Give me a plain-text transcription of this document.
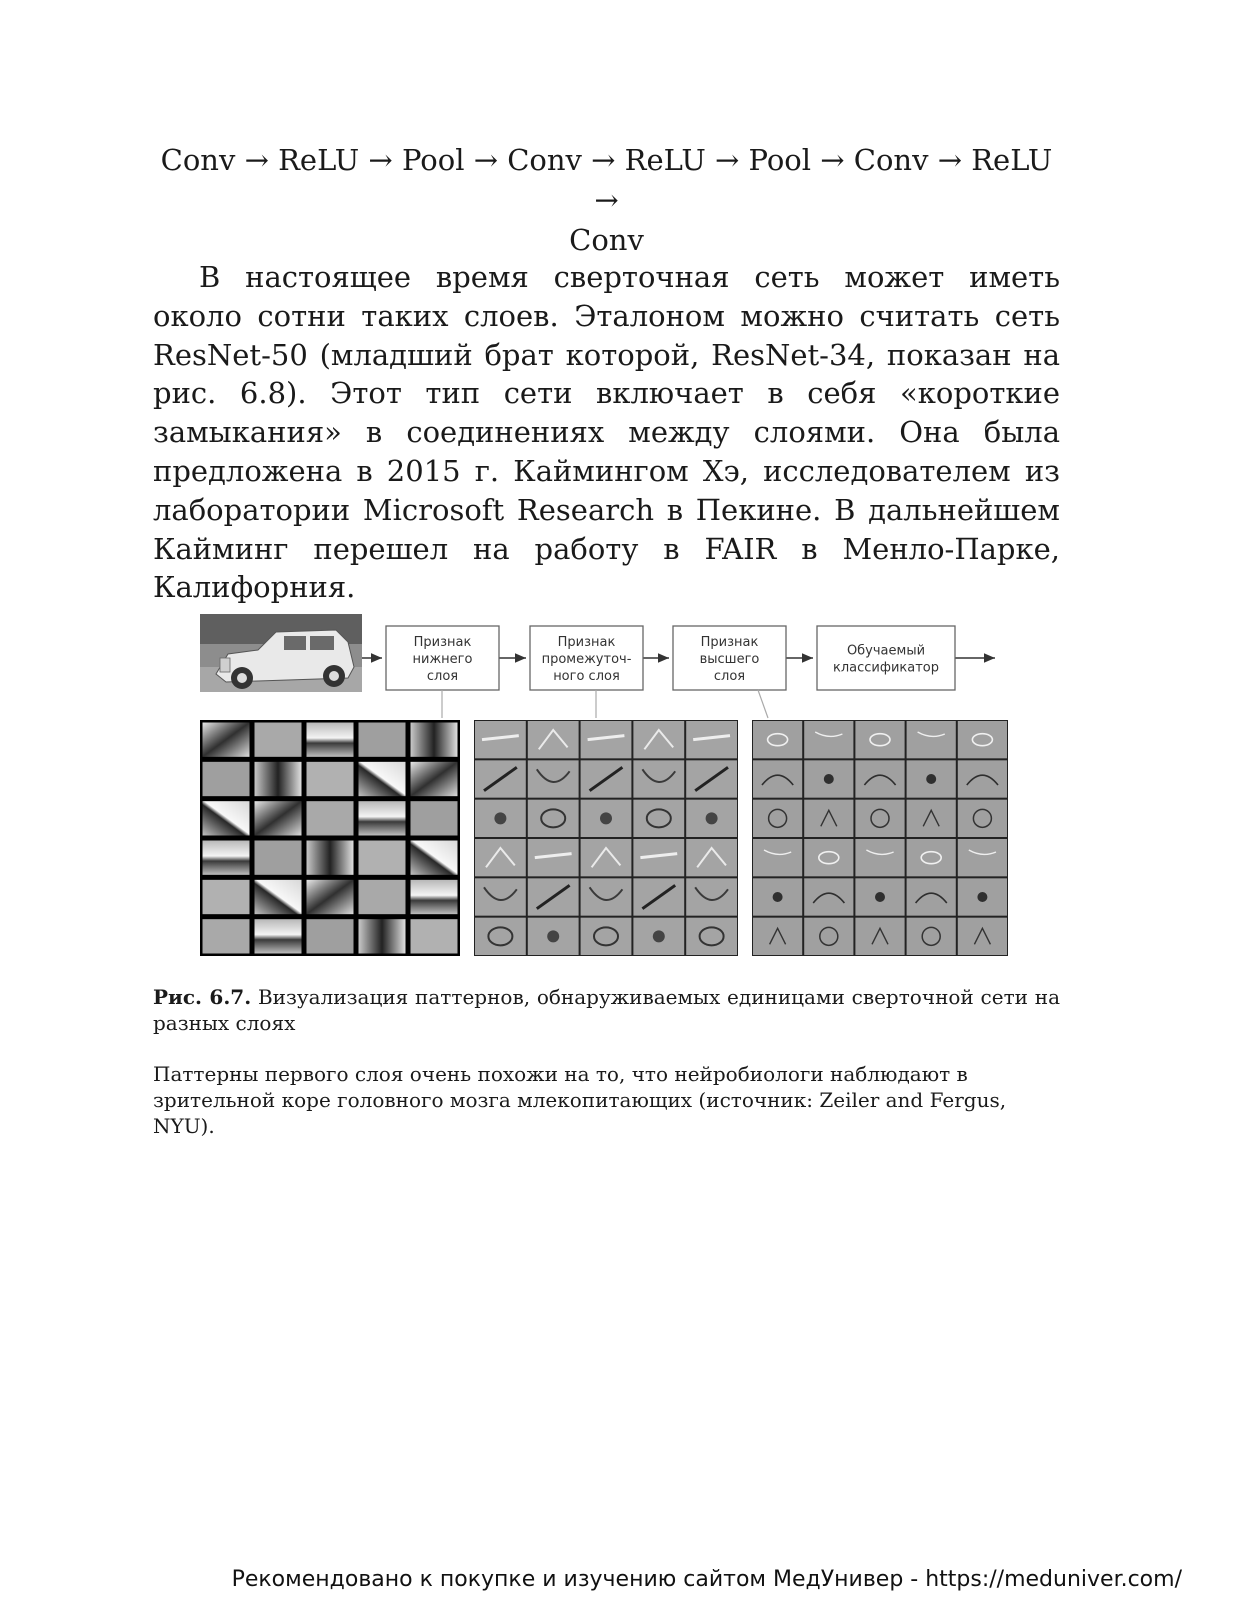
Conv → ReLU → Pool → Conv → ReLU → Pool → Conv → ReLU →
Conv

В настоящее время сверточная сеть может иметь около сотни таких слоев. Эталоном можно считать сеть ResNet-50 (младший брат которой, ResNet-34, показан на рис. 6.8). Этот тип сети включает в себя «короткие замыкания» в соединениях между слоями. Она была предложена в 2015 г. Каймингом Хэ, исследователем из лаборатории Microsoft Research в Пекине. В дальнейшем Кайминг перешел на работу в FAIR в Менло-Парке, Калифорния.

Признак
нижнего
слоя
Признак
промежуточ-
ного слоя
Признак
высшего
слоя
Обучаемый
классификатор

Рис. 6.7. Визуализация паттернов, обнаруживаемых единицами сверточной сети на разных слоях

Паттерны первого слоя очень похожи на то, что нейробиологи наблюдают в зрительной коре головного мозга млекопитающих (источник: Zeiler and Fergus, NYU).

Рекомендовано к покупке и изучению сайтом МедУнивер - https://meduniver.com/
